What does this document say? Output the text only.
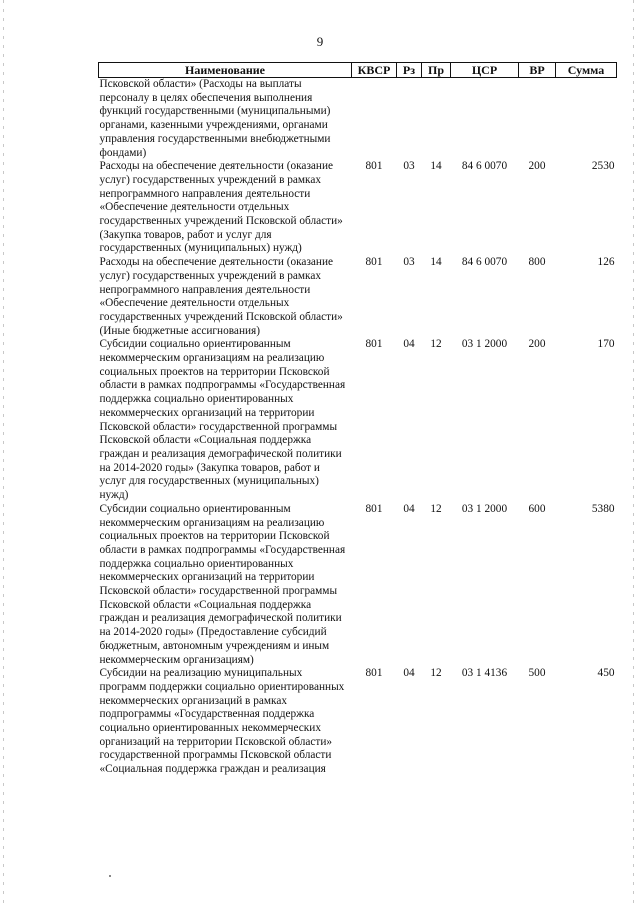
9
Наименование	КВСР	Рз	Пр	ЦСР	ВР	Сумма
Псковской области» (Расходы на выплаты персоналу в целях обеспечения выполнения функций государственными (муниципальными) органами, казенными учреждениями, органами управления государственными внебюджетными фондами)						
Расходы на обеспечение деятельности (оказание услуг) государственных учреждений в рамках непрограммного направления деятельности «Обеспечение деятельности отдельных государственных учреждений Псковской области» (Закупка товаров, работ и услуг для государственных (муниципальных) нужд)	801	03	14	84 6 0070	200	2530
Расходы на обеспечение деятельности (оказание услуг) государственных учреждений в рамках непрограммного направления деятельности «Обеспечение деятельности отдельных государственных учреждений Псковской области» (Иные бюджетные ассигнования)	801	03	14	84 6 0070	800	126
Субсидии социально ориентированным некоммерческим организациям на реализацию социальных проектов на территории Псковской области в рамках подпрограммы «Государственная поддержка социально ориентированных некоммерческих организаций на территории Псковской области» государственной программы Псковской области «Социальная поддержка граждан и реализация демографической политики на 2014-2020 годы» (Закупка товаров, работ и услуг для государственных (муниципальных) нужд)	801	04	12	03 1 2000	200	170
Субсидии социально ориентированным некоммерческим организациям на реализацию социальных проектов на территории Псковской области в рамках подпрограммы «Государственная поддержка социально ориентированных некоммерческих организаций на территории Псковской области» государственной программы Псковской области «Социальная поддержка граждан и реализация демографической политики на 2014-2020 годы» (Предоставление субсидий бюджетным, автономным учреждениям и иным некоммерческим организациям)	801	04	12	03 1 2000	600	5380
Субсидии на реализацию муниципальных программ поддержки социально ориентированных некоммерческих организаций в рамках подпрограммы «Государственная поддержка социально ориентированных некоммерческих организаций на территории Псковской области» государственной программы Псковской области «Социальная поддержка граждан и реализация	801	04	12	03 1 4136	500	450
